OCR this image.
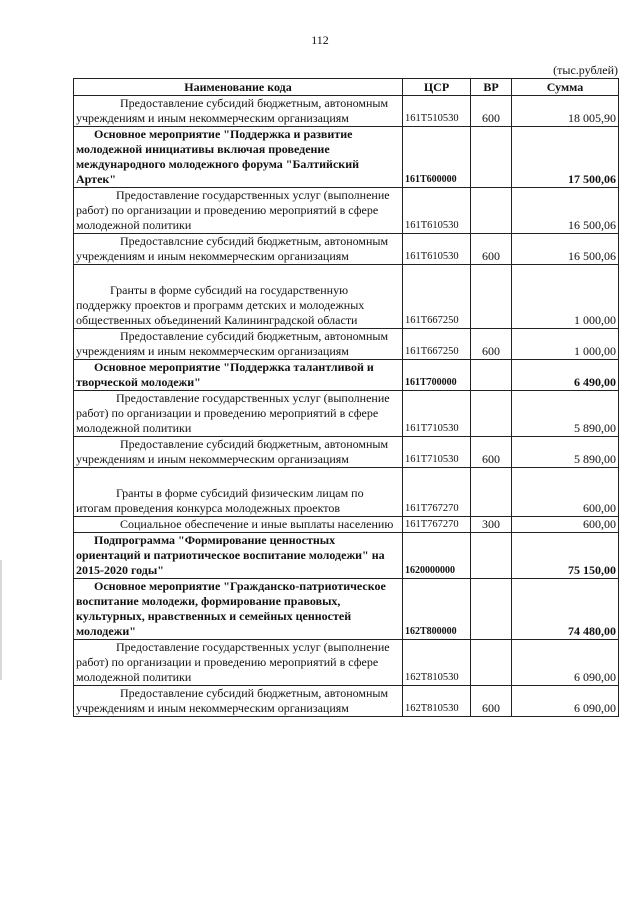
112
(тыс.рублей)
Наименование кода	ЦСР	ВР	Сумма
Предоставление субсидий бюджетным, автономным учреждениям и иным некоммерческим организациям	161Т510530	600	18 005,90
Основное мероприятие "Поддержка и развитие молодежной инициативы включая проведение международного молодежного форума "Балтийский Артек"	161Т600000		17 500,06
Предоставление государственных услуг (выполнение работ) по организации и проведению мероприятий в сфере молодежной политики	161Т610530		16 500,06
Предоставлсние субсидий бюджетным, автономным учреждениям и иным некоммерческим организациям	161Т610530	600	16 500,06
Гранты в форме субсидий на государственную поддержку проектов и программ детских и молодежных общественных объединений Калининградской области	161Т667250		1 000,00
Предоставление субсидий бюджетным, автономным учреждениям и иным некоммерческим организациям	161Т667250	600	1 000,00
Основное мероприятие "Поддержка талантливой и творческой молодежи"	161Т700000		6 490,00
Предоставление государственных услуг (выполнение работ) по организации и проведению мероприятий в сфере молодежной политики	161Т710530		5 890,00
Предоставление субсидий бюджетным, автономным учреждениям и иным некоммерческим организациям	161Т710530	600	5 890,00
Гранты в форме субсидий физическим лицам по итогам проведения конкурса молодежных проектов	161Т767270		600,00
Социальное обеспечение и иные выплаты населению	161Т767270	300	600,00
Подпрограмма "Формирование ценностных ориентаций и патриотическое воспитание молодежи" на 2015-2020 годы"	1620000000		75 150,00
Основное мероприятие "Гражданско-патриотическое воспитание молодежи, формирование правовых, культурных, нравственных и семейных ценностей молодежи"	162Т800000		74 480,00
Предоставление государственных услуг (выполнение работ) по организации и проведению мероприятий в сфере молодежной политики	162Т810530		6 090,00
Предоставление субсидий бюджетным, автономным учреждениям и иным некоммерческим организациям	162Т810530	600	6 090,00
